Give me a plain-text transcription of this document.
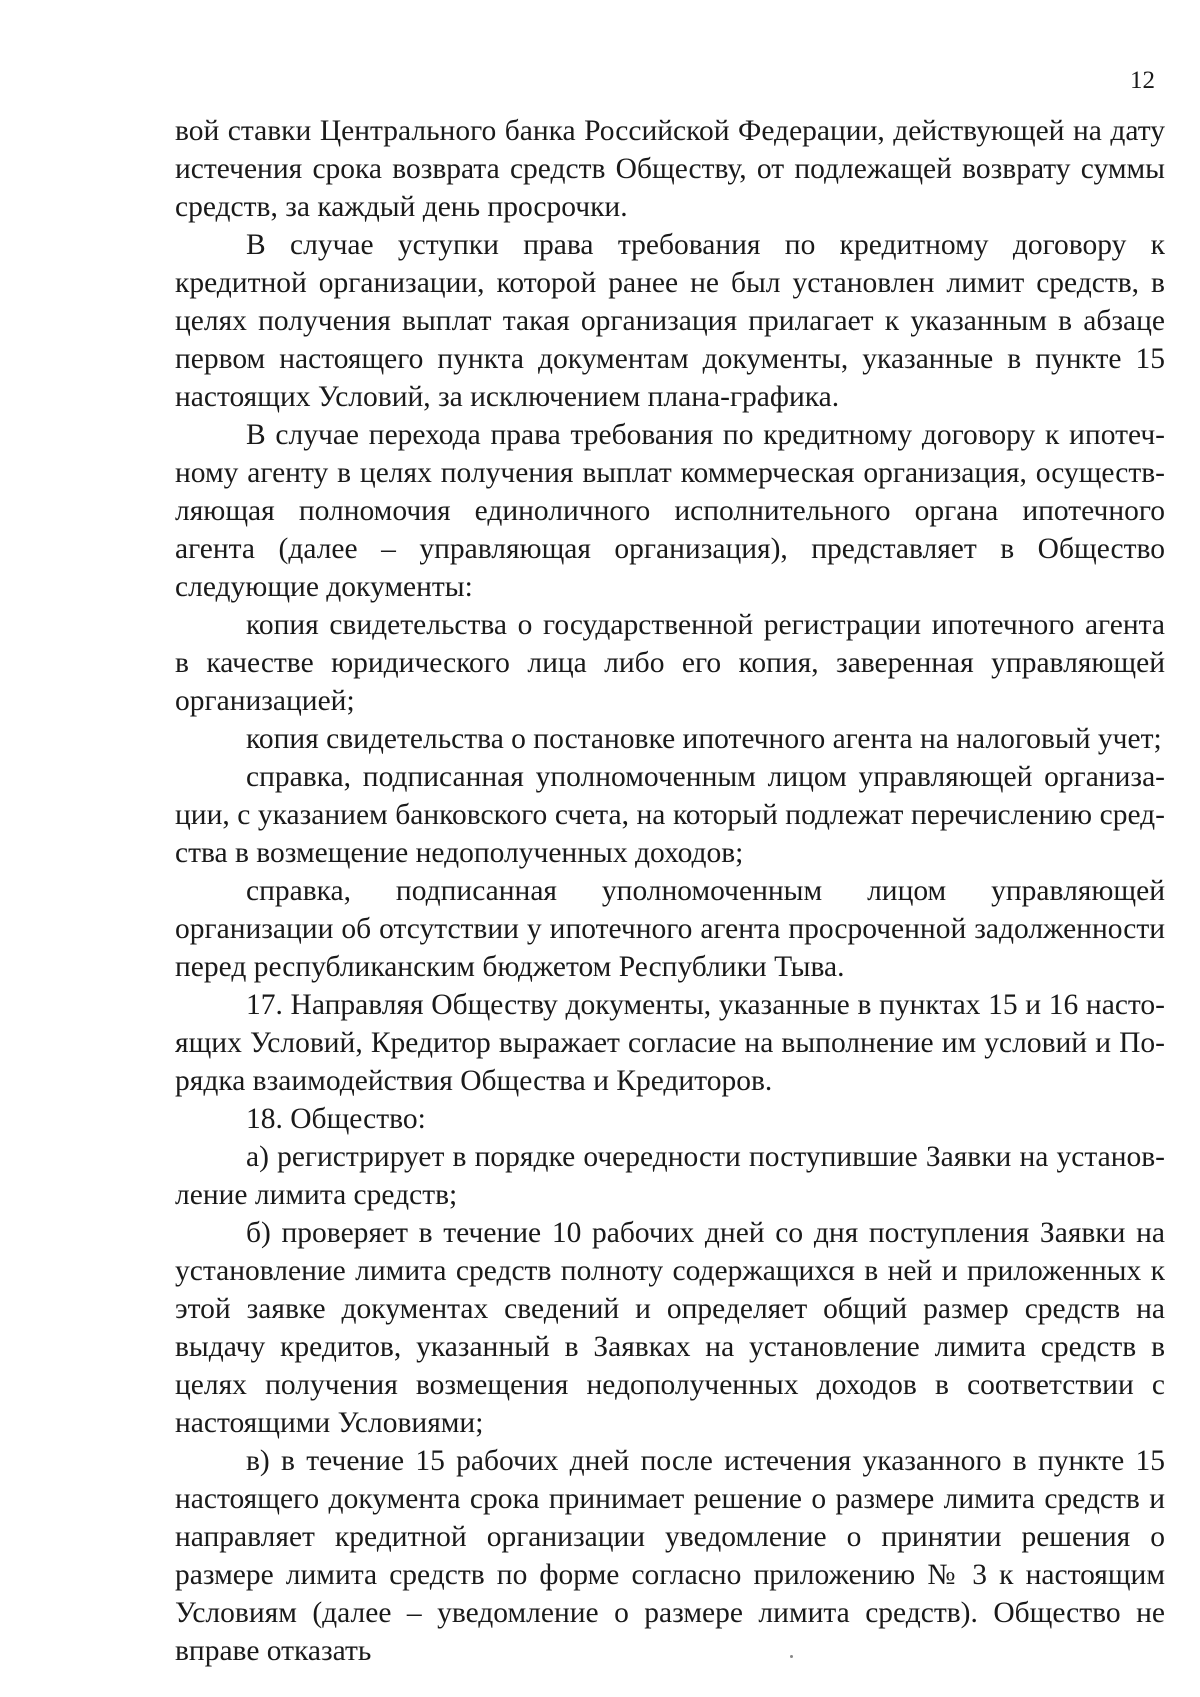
12

вой ставки Центрального банка Российской Федерации, действующей на дату истечения срока возврата средств Обществу, от подлежащей возврату суммы средств, за каждый день просрочки.

В случае уступки права требования по кредитному договору к кредитной организации, которой ранее не был установлен лимит средств, в целях получения выплат такая организация прилагает к указанным в абзаце первом настоящего пункта документам документы, указанные в пункте 15 настоящих Условий, за исключением плана-графика.

В случае перехода права требования по кредитному договору к ипотечному агенту в целях получения выплат коммерческая организация, осуществляющая полномочия единоличного исполнительного органа ипотечного агента (далее – управляющая организация), представляет в Общество следующие документы:

копия свидетельства о государственной регистрации ипотечного агента в качестве юридического лица либо его копия, заверенная управляющей организацией;

копия свидетельства о постановке ипотечного агента на налоговый учет;

справка, подписанная уполномоченным лицом управляющей организации, с указанием банковского счета, на который подлежат перечислению средства в возмещение недополученных доходов;

справка, подписанная уполномоченным лицом управляющей организации об отсутствии у ипотечного агента просроченной задолженности перед республиканским бюджетом Республики Тыва.

17. Направляя Обществу документы, указанные в пунктах 15 и 16 настоящих Условий, Кредитор выражает согласие на выполнение им условий и Порядка взаимодействия Общества и Кредиторов.

18. Общество:

а) регистрирует в порядке очередности поступившие Заявки на установление лимита средств;

б) проверяет в течение 10 рабочих дней со дня поступления Заявки на установление лимита средств полноту содержащихся в ней и приложенных к этой заявке документах сведений и определяет общий размер средств на выдачу кредитов, указанный в Заявках на установление лимита средств в целях получения возмещения недополученных доходов в соответствии с настоящими Условиями;

в) в течение 15 рабочих дней после истечения указанного в пункте 15 настоящего документа срока принимает решение о размере лимита средств и направляет кредитной организации уведомление о принятии решения о размере лимита средств по форме согласно приложению № 3 к настоящим Условиям (далее – уведомление о размере лимита средств). Общество не вправе отказать
